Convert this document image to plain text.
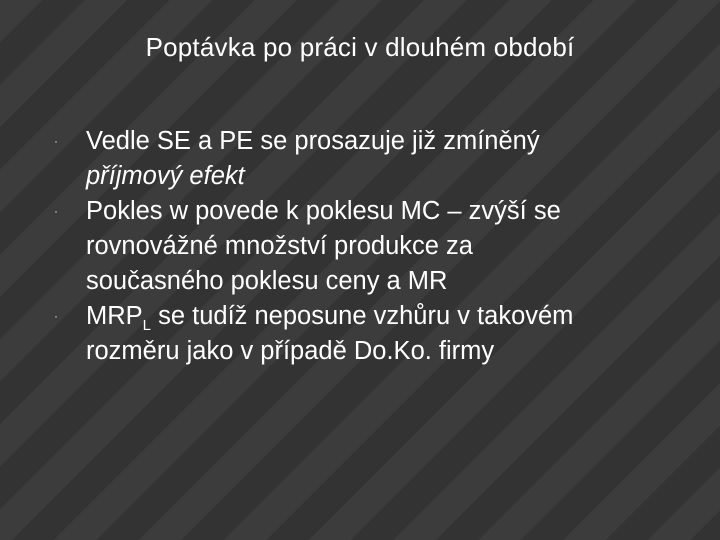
Poptávka po práci v dlouhém období
· Vedle SE a PE se prosazuje již zmíněný
příjmový efekt
· Pokles w povede k poklesu MC – zvýší se
rovnovážné množství produkce za
současného poklesu ceny a MR
· $MRP_L$ se tudíž neposune vzhůru v takovém
rozměru jako v případě Do.Ko. firmy
